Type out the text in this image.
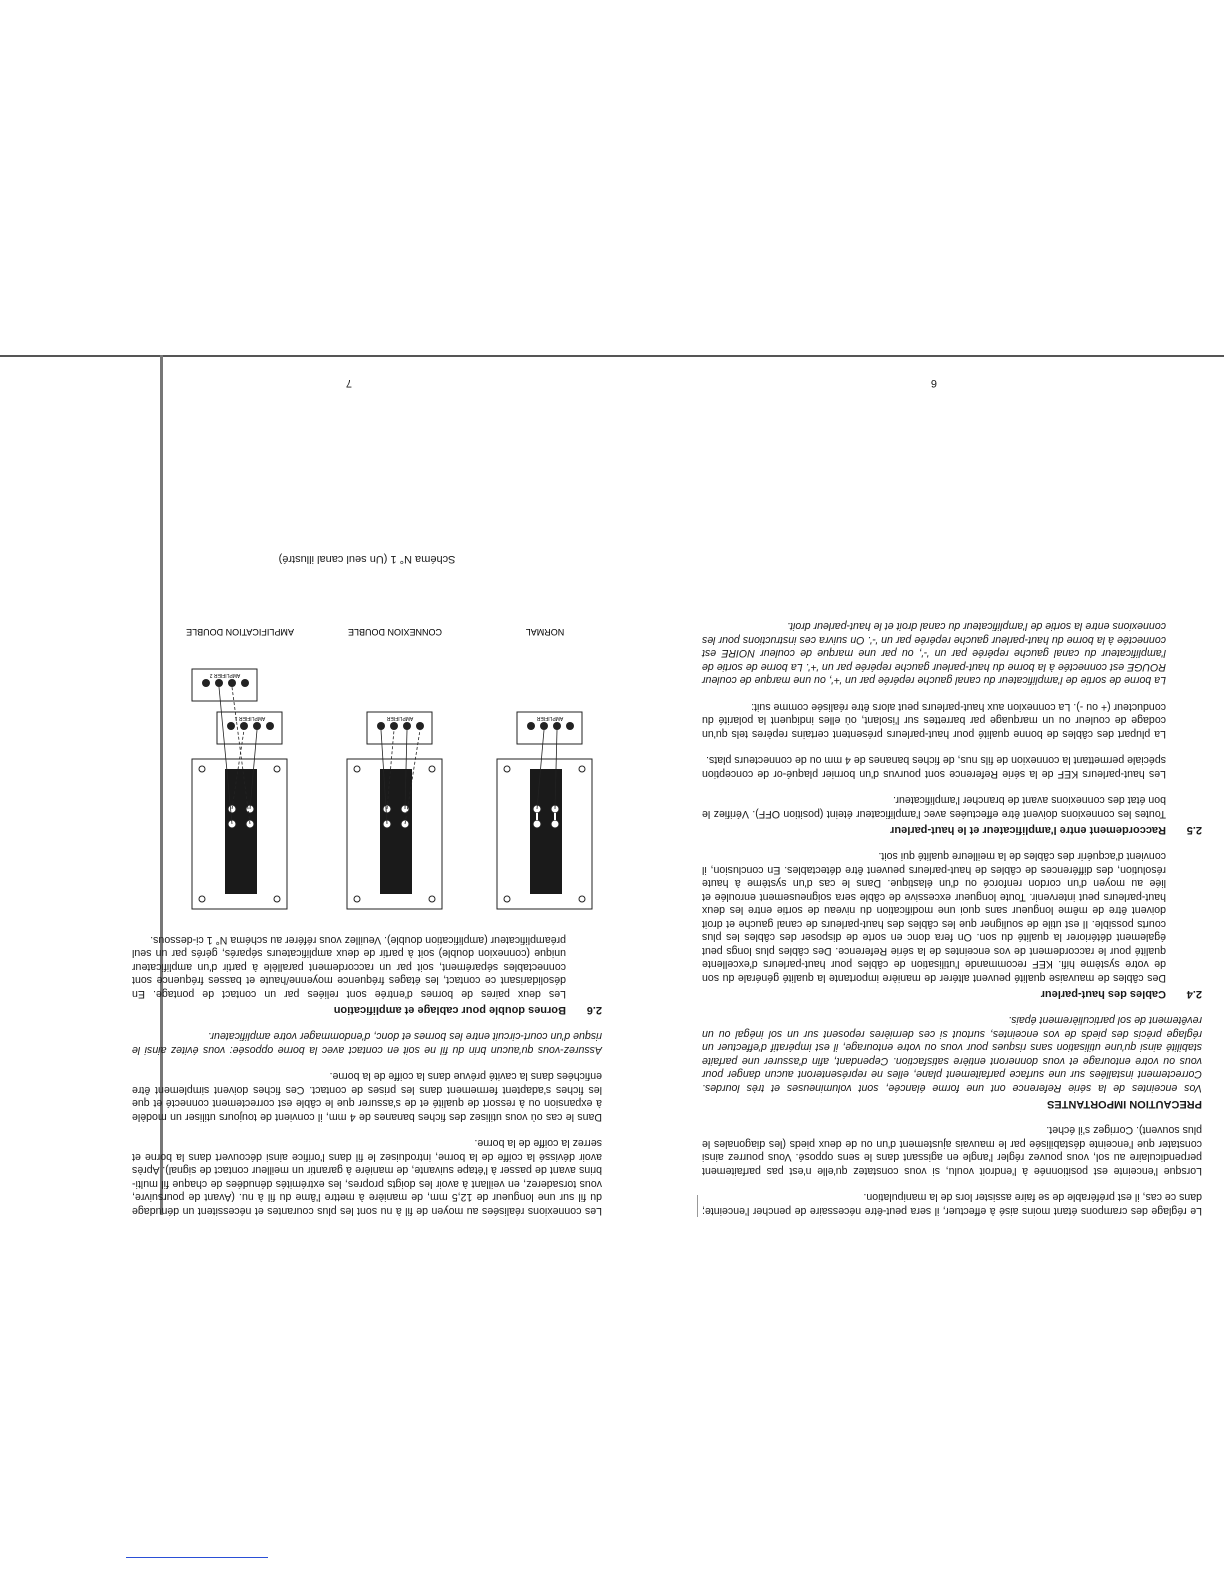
Le réglage des crampons étant moins aisé à effectuer, il sera peut-être nécessaire de pencher l'enceinte; dans ce cas, il est préférable de se faire assister lors de la manipulation.

Lorsque l'enceinte est positionnée à l'endroit voulu, si vous constatez qu'elle n'est pas parfaitement perpendiculaire au sol, vous pouvez régler l'angle en agissant dans le sens opposé. Vous pourrez ainsi constater que l'enceinte déstabilisée par le mauvais ajustement d'un ou de deux pieds (les diagonales le plus souvent). Corrigez s'il échet.

PRECAUTION IMPORTANTES

Vos enceintes de la série Reference ont une forme élancée, sont volumineuses et très lourdes. Correctement installées sur une surface parfaitement plane, elles ne représenteront aucun danger pour vous ou votre entourage et vous donneront entière satisfaction. Cependant, afin d'assurer une parfaite stabilité ainsi qu'une utilisation sans risques pour vous ou votre entourage, il est impératif d'effectuer un réglage précis des pieds de vos enceintes, surtout si ces dernières reposent sur un sol inégal ou un revêtement de sol particulièrement épais.

2.4
Cables des haut-parleur

Des câbles de mauvaise qualité peuvent altérer de manière importante la qualité générale du son de votre système hifi. KEF recommande l'utilisation de câbles pour haut-parleurs d'excellente qualité pour le raccordement de vos enceintes de la série Reference. Des câbles plus longs peut également détériorer la qualité du son. On fera donc en sorte de disposer des câbles les plus courts possible. Il est utile de souligner que les câbles des haut-parleurs de canal gauche et droit doivent être de même longueur sans quoi une modification du niveau de sortie entre les deux haut-parleurs peut intervenir. Toute longueur excessive de câble sera soigneusement enroulée et liée au moyen d'un cordon renforcé ou d'un élastique. Dans le cas d'un système à haute résolution, des différences de câbles de haut-parleurs peuvent être détectables. En conclusion, il convient d'acquérir des câbles de la meilleure qualité qui soit.

2.5
Raccordement entre l'amplificateur et le haut-parleur

Toutes les connexions doivent être effectuées avec l'amplificateur éteint (position OFF). Vérifiez le bon état des connexions avant de brancher l'amplificateur.

Les haut-parleurs KEF de la série Reference sont pourvus d'un bornier plaqué-or de conception spéciale permettant la connexion de fils nus, de fiches bananes de 4 mm ou de connecteurs plats.

La plupart des câbles de bonne qualité pour haut-parleurs présentent certains repères tels qu'un codage de couleur ou un marquage par barrettes sur l'isolant, où elles indiquent la polarité du conducteur (+ ou -). La connexion aux haut-parleurs peut alors être réalisée comme suit:

La borne de sortie de l'amplificateur du canal gauche repérée par un '+', ou une marque de couleur ROUGE est connectée à la borne du haut-parleur gauche repérée par un '+'. La borne de sortie de l'amplificateur du canal gauche repérée par un '-', ou par une marque de couleur NOIRE est connectée à la borne du haut-parleur gauche repérée par un '-'. On suivra ces instructions pour les connexions entre la sortie de l'amplificateur du canal droit et le haut-parleur droit.

6

Les connexions réalisées au moyen de fil à nu sont les plus courantes et nécessitent un dénudage du fil sur une longueur de 12,5 mm, de manière à mettre l'âme du fil à nu. (Avant de poursuivre, vous torsaderez, en veillant à avoir les doigts propres, les extrémités dénudées de chaque fil multi-brins avant de passer à l'étape suivante, de manière à garantir un meilleur contact de signal). Après avoir dévissé la coiffe de la borne, introduisez le fil dans l'orifice ainsi découvert dans la borne et serrez la coiffe de la borne.

Dans le cas où vous utilisez des fiches bananes de 4 mm, il convient de toujours utiliser un modèle à expansion ou à ressort de qualité et de s'assurer que le câble est correctement connecté et que les fiches s'adaptent fermement dans les prises de contact. Ces fiches doivent simplement être enfichées dans la cavité prévue dans la coiffe de la borne.

Assurez-vous qu'aucun brin du fil ne soit en contact avec la borne opposée: vous évitez ainsi le risque d'un court-circuit entre les bornes et donc, d'endommager votre amplificateur.

2.6
Bornes double pour cablage et amplification

Les deux paires de bornes d'entrée sont reliées par un contact de pontage. En désolidarisant ce contact, les étages fréquence moyenne/haute et basses fréquence sont connectables séparément, soit par un raccordement parallèle à partir d'un amplificateur unique (connexion double) soit à partir de deux amplificateurs séparés, gérés par un seul préamplificateur (amplification double). Veuillez vous référer au schéma N° 1 ci-dessous.

AMPLIFIER
AMPLIFIER
AMPLIFIER 1
AMPLIFIER 2
NORMAL
CONNEXION DOUBLE
AMPLIFICATION DOUBLE
Schéma N° 1 (Un seul canal illustré)
7
